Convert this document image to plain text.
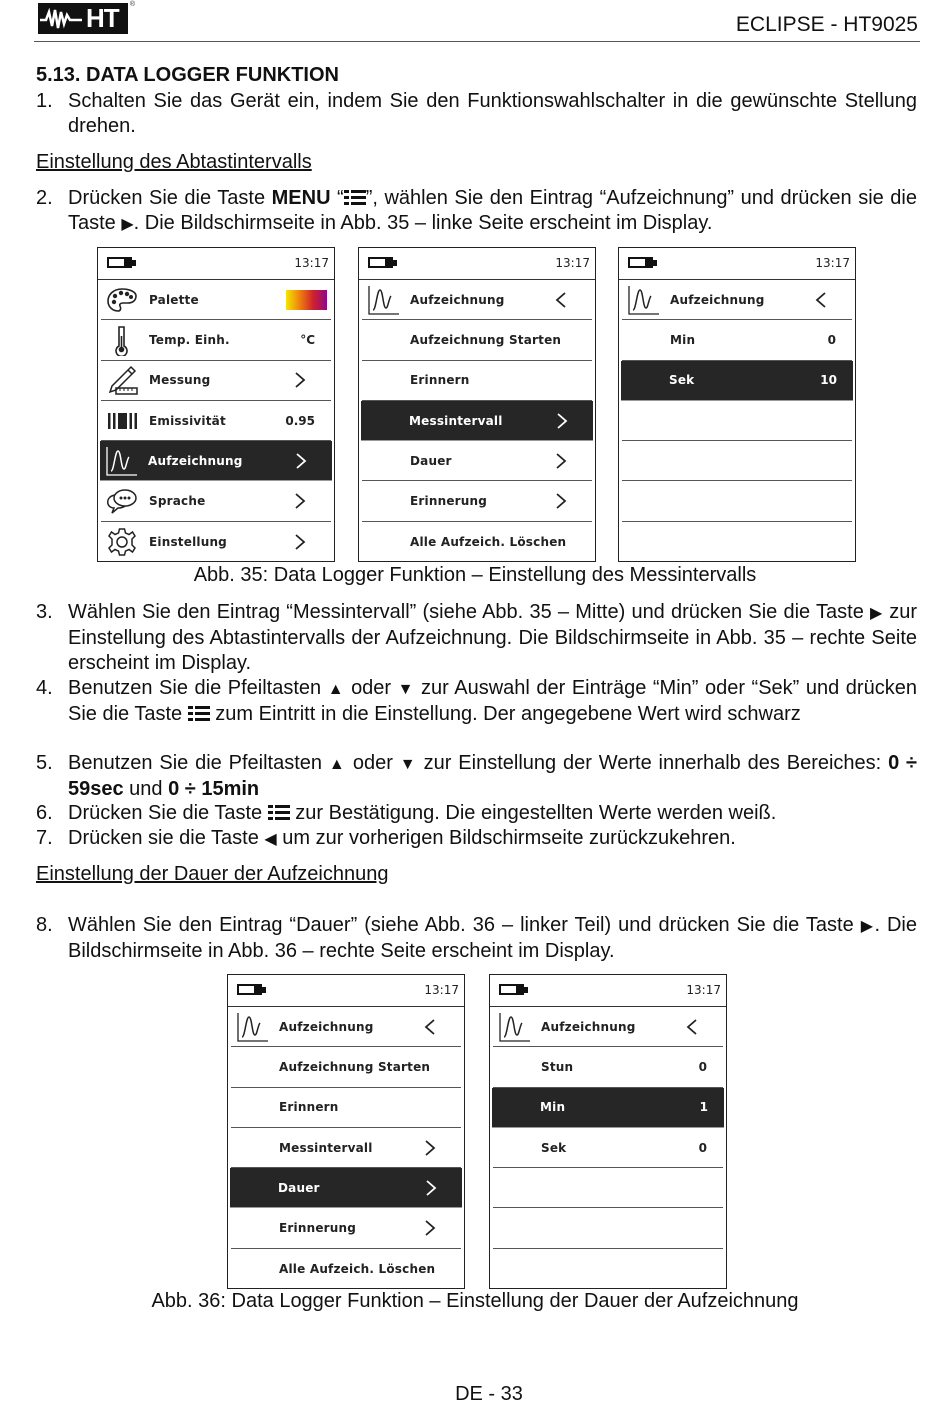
HT ®
ECLIPSE - HT9025
5.13. DATA LOGGER FUNKTION
1. Schalten Sie das Gerät ein, indem Sie den Funktionswahlschalter in die gewünschte Stellung drehen.
Einstellung des Abtastintervalls
2. Drücken Sie die Taste MENU “ ”, wählen Sie den Eintrag “Aufzeichnung” und drücken sie die Taste ▶. Die Bildschirmseite in Abb. 35 – linke Seite erscheint im Display.
13:17
Palette
Temp. Einh.	°C
Messung
Emissivität	0.95
Aufzeichnung
Sprache
Einstellung
13:17
Aufzeichnung
Aufzeichnung Starten
Erinnern
Messintervall
Dauer
Erinnerung
Alle Aufzeich. Löschen
13:17
Aufzeichnung
Min	0
Sek	10
Abb. 35: Data Logger Funktion – Einstellung des Messintervalls
3. Wählen Sie den Eintrag “Messintervall” (siehe Abb. 35 – Mitte) und drücken Sie die Taste ▶ zur Einstellung des Abtastintervalls der Aufzeichnung. Die Bildschirmseite in Abb. 35 – rechte Seite erscheint im Display.
4. Benutzen Sie die Pfeiltasten ▲ oder ▼ zur Auswahl der Einträge “Min” oder “Sek” und drücken Sie die Taste
zum Eintritt in die Einstellung. Der angegebene Wert wird schwarz
5. Benutzen Sie die Pfeiltasten ▲ oder ▼ zur Einstellung der Werte innerhalb des Bereiches: 0 ÷ 59sec und 0 ÷ 15min
6. Drücken Sie die Taste
zur Bestätigung. Die eingestellten Werte werden weiß.
7. Drücken sie die Taste ◀ um zur vorherigen Bildschirmseite zurückzukehren.
Einstellung der Dauer der Aufzeichnung
8. Wählen Sie den Eintrag “Dauer” (siehe Abb. 36 – linker Teil) und drücken Sie die Taste ▶. Die Bildschirmseite in Abb. 36 – rechte Seite erscheint im Display.
13:17
Aufzeichnung
Aufzeichnung Starten
Erinnern
Messintervall
Dauer
Erinnerung
Alle Aufzeich. Löschen
13:17
Aufzeichnung
Stun	0
Min	1
Sek	0
Abb. 36: Data Logger Funktion – Einstellung der Dauer der Aufzeichnung
DE - 33
